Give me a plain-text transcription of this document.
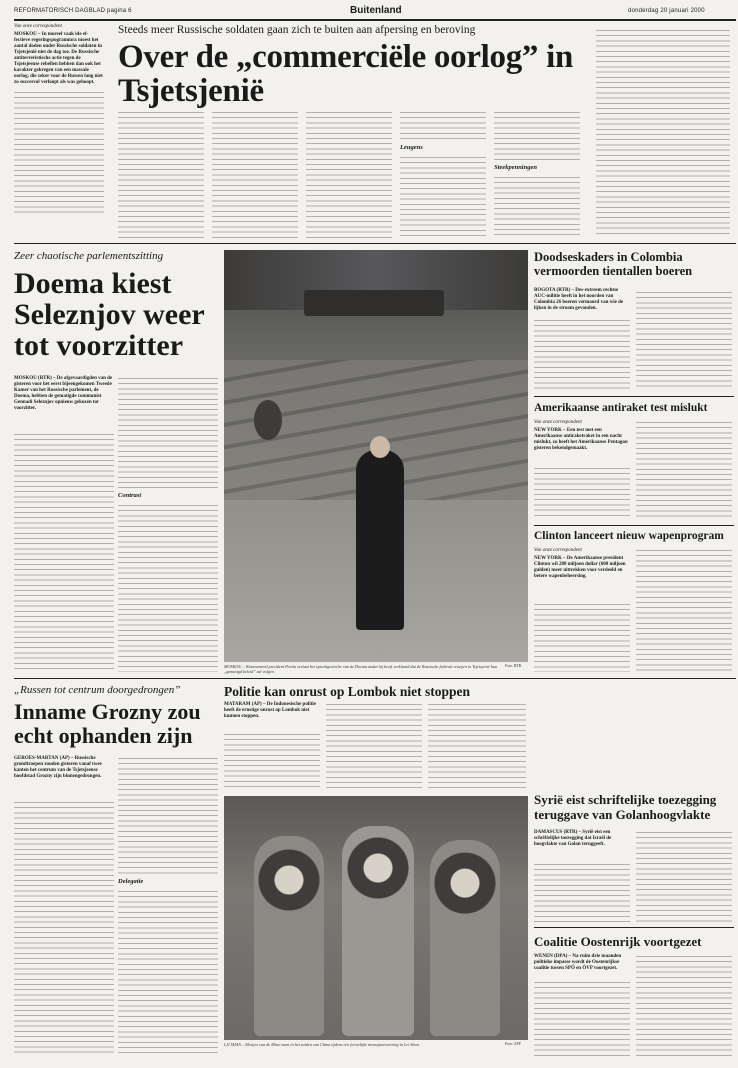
REFORMATORISCH DAGBLAD pagina 6	Buitenland	donderdag 20 januari 2000
Van onze correspondent
MOSKOU – In moreel vaak ide ef-fectieve regeringspogrammra moest het aantal doden onder Russische soldaten in Tsjetsjenië niet de dag toe. De Russische antiterreristische actie tegen de Tsjetsjeense rebellen hebben dan ook het karakter gekregen van een massale oorlog, die zeker voor de Russen lang niet zo succesvol verloopt als was gehoopt.
Steeds meer Russische soldaten gaan zich te buiten aan afpersing en beroving
Over de „commerciële oorlog” in Tsjetsjenië
Leugens
Steekpenningen
Zeer chaotische parlementszitting
Doema kiest Seleznjov weer tot voorzitter
MOSKOU (RTR) – De afgevaardigden van de gisteren voor het eerst bijeengekomen Tweede Kamer van het Russische parlement, de Doema, hebben de gematigde communist Gennadi Seleznjov opnieuw gekozen tot voorzitter.
Contrast
MOSKOU – Waarnemend president Poetin verlaat het spreekgestoelte van de Doema nadat hij heeft verklaard dat de Russische federale troepen in Tsjetsjenië hun „gematigd beleid” zal volgen.
Foto: RTR
Doodseskaders in Colombia vermoorden tientallen boeren
BOGOTA (RTR) – Des-extreem rechtse AUC-militie heeft in het noorden van Colombia 26 boeren vermoord van wie de lijken in de stroom gevonden.
Amerikaanse antiraket test mislukt
Van onze correspondent
NEW YORK – Een test met een Amerikaanse antiraketraket in een nacht mislukt, zo heeft het Amerikaanse Pentagon gisteren bekendgemaakt.
Clinton lanceert nieuw wapenprogram
Van onze correspondent
NEW YORK – De Amerikaanse president Clinton wil 280 miljoen dollar (600 miljoen gulden) meer uittrekken voor verdeeld en betere wapenbeheersing.
„Russen tot centrum doorgedrongen”
Inname Grozny zou echt ophanden zijn
GEROES-MARTAN (AP) – Russische grondtroepen zouden gisteren vanaf twee kanten het centrum van de Tsjetsjeense hoofdstad Grozny zijn binnengedrongen.
Delegatie
Politie kan onrust op Lombok niet stoppen
MATARAM (AP) – De Indonesische politie heeft de ernstige onrust op Lombok niet kunnen stoppen.
LIJ SHAN – Meisjes van de Miao-stam in het zuiden van China tijdens een feestelijke nieuwjaarsviering in Lei Shan.	Foto: AFP
Syrië eist schriftelijke toezegging teruggave van Golanhoogvlakte
DAMASCUS (RTR) – Syrië eist een schriftelijke toezegging dat Israël de hoogvlakte van Golan teruggeeft.
Coalitie Oostenrijk voortgezet
WENEN (DPA) – Na ruim drie maanden politieke impasse wordt de Oostenrijkse coalitie tussen SPÖ en ÖVP voortgezet.
